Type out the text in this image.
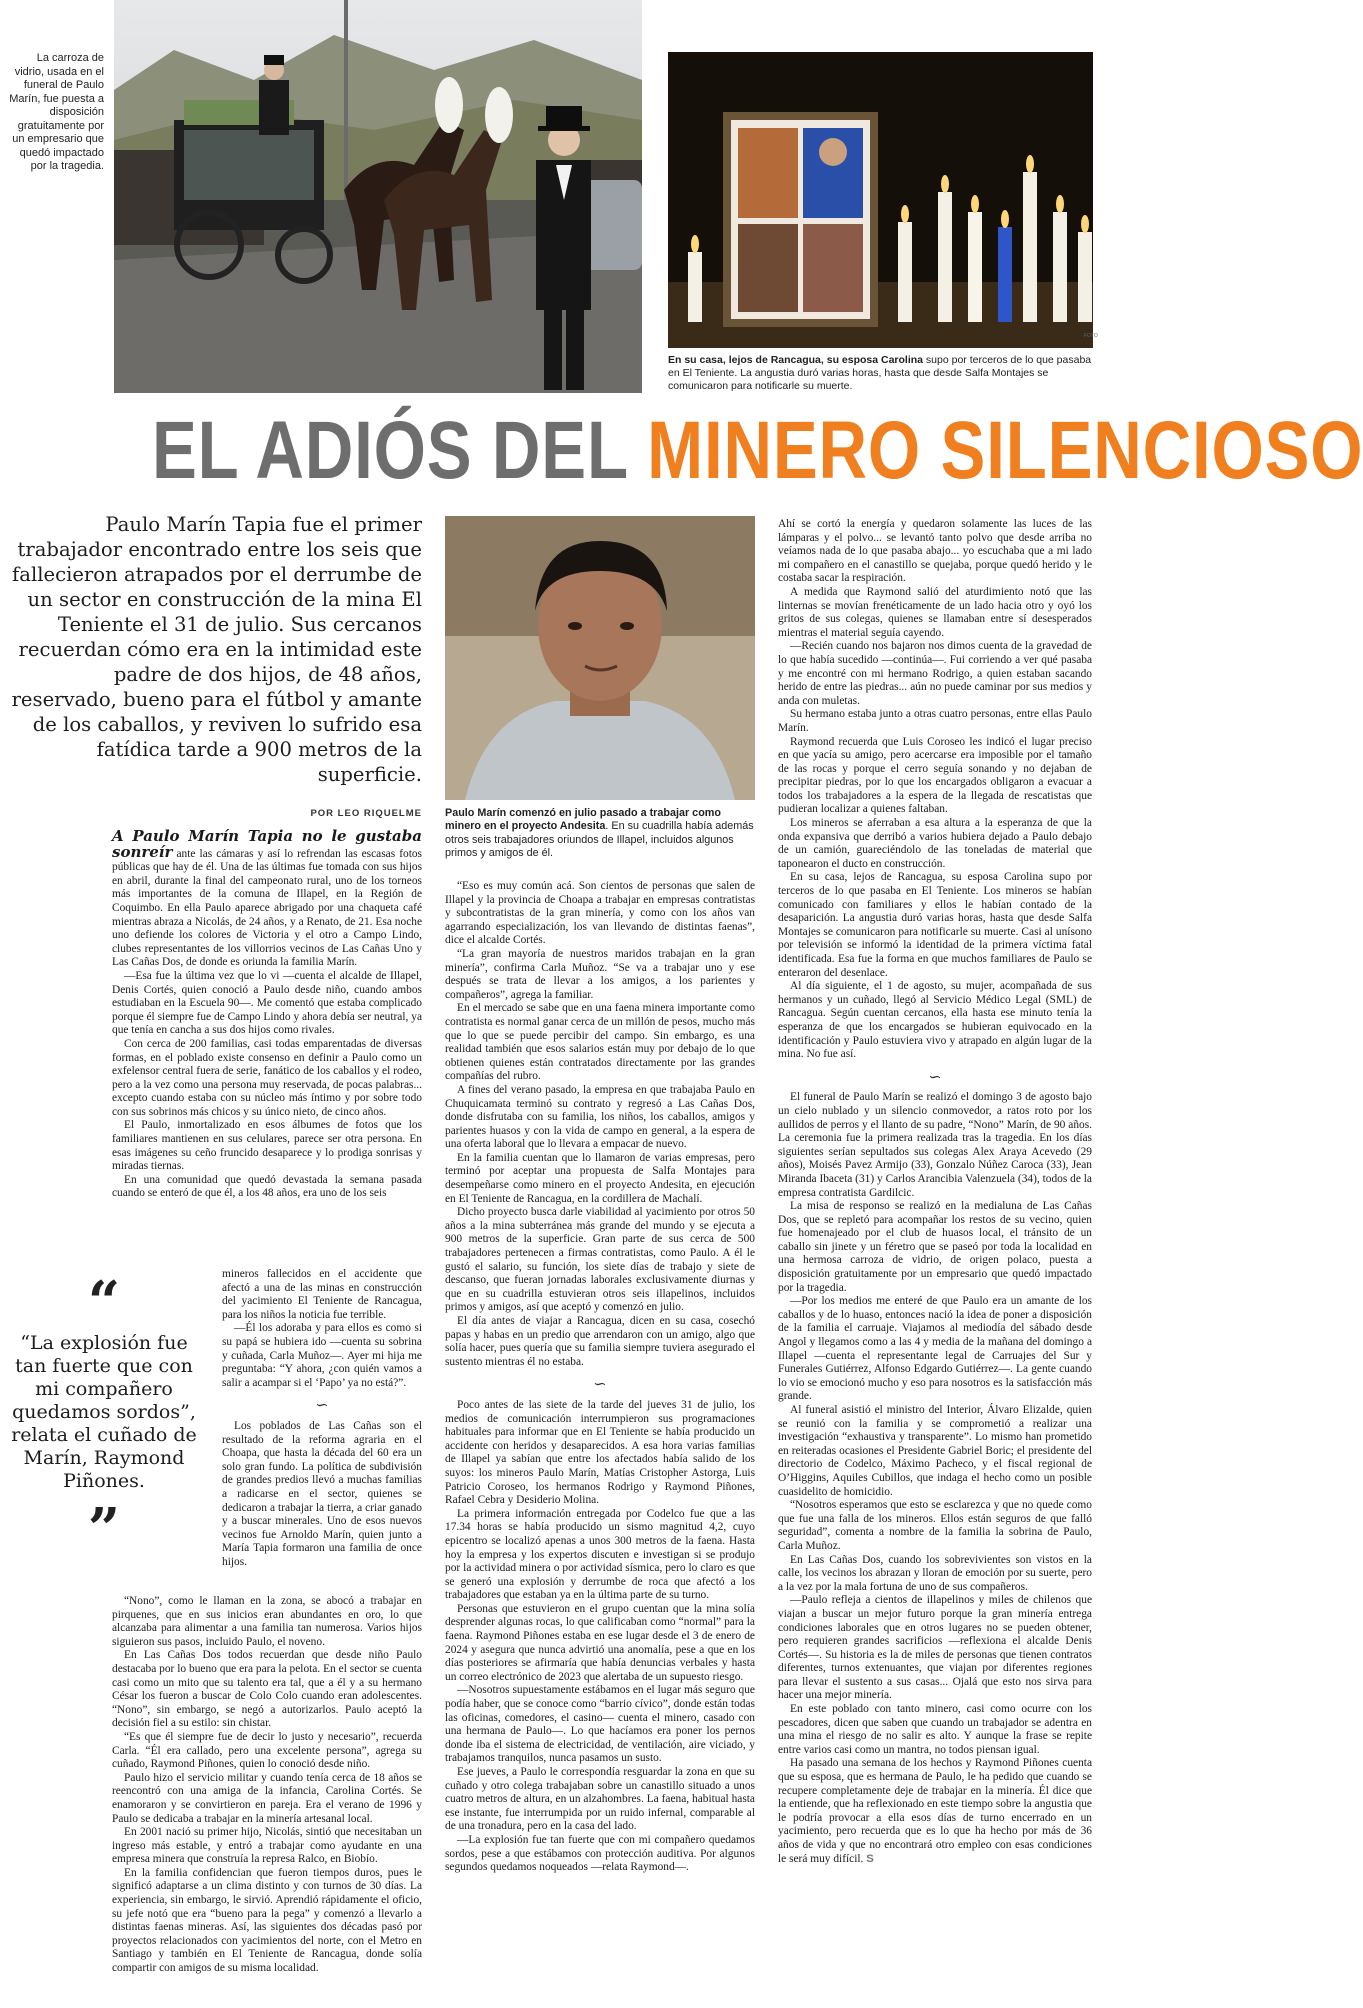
La carroza de vidrio, usada en el funeral de Paulo Marín, fue puesta a disposición gratuitamente por un empresario que quedó impactado por la tragedia.
FOTO
En su casa, lejos de Rancagua, su esposa Carolina supo por terceros de lo que pasaba en El Teniente. La angustia duró varias horas, hasta que desde Salfa Montajes se comunicaron para notificarle su muerte.
EL ADIÓS DEL MINERO SILENCIOSO
Paulo Marín Tapia fue el primer trabajador encontrado entre los seis que fallecieron atrapados por el derrumbe de un sector en construcción de la mina El Teniente el 31 de julio. Sus cercanos recuerdan cómo era en la intimidad este padre de dos hijos, de 48 años, reservado, bueno para el fútbol y amante de los caballos, y reviven lo sufrido esa fatídica tarde a 900 metros de la superficie.
POR LEO RIQUELME Paulo Marín comenzó en julio pasado a trabajar como minero en el proyecto Andesita. En su cuadrilla había además otros seis trabajadores oriundos de Illapel, incluidos algunos primos y amigos de él.

A Paulo Marín Tapia no le gustaba sonreír ante las cámaras y así lo refrendan las escasas fotos públicas que hay de él. Una de las últimas fue tomada con sus hijos en abril, durante la final del campeonato rural, uno de los torneos más importantes de la comuna de Illapel, en la Región de Coquimbo. En ella Paulo aparece abrigado por una chaqueta café mientras abraza a Nicolás, de 24 años, y a Renato, de 21. Esa noche uno defiende los colores de Victoria y el otro a Campo Lindo, clubes representantes de los villorrios vecinos de Las Cañas Uno y Las Cañas Dos, de donde es oriunda la familia Marín.

—Esa fue la última vez que lo vi —cuenta el alcalde de Illapel, Denis Cortés, quien conoció a Paulo desde niño, cuando ambos estudiaban en la Escuela 90—. Me comentó que estaba complicado porque él siempre fue de Campo Lindo y ahora debía ser neutral, ya que tenía en cancha a sus dos hijos como rivales.

Con cerca de 200 familias, casi todas emparentadas de diversas formas, en el poblado existe consenso en definir a Paulo como un exfelensor central fuera de serie, fanático de los caballos y el rodeo, pero a la vez como una persona muy reservada, de pocas palabras... excepto cuando estaba con su núcleo más íntimo y por sobre todo con sus sobrinos más chicos y su único nieto, de cinco años.

El Paulo, inmortalizado en esos álbumes de fotos que los familiares mantienen en sus celulares, parece ser otra persona. En esas imágenes su ceño fruncido desaparece y lo prodiga sonrisas y miradas tiernas.

En una comunidad que quedó devastada la semana pasada cuando se enteró de que él, a los 48 años, era uno de los seis

“
“La explosión fue tan fuerte que con mi compañero quedamos sordos”, relata el cuñado de Marín, Raymond Piñones.
”

mineros fallecidos en el accidente que afectó a una de las minas en construcción del yacimiento El Teniente de Rancagua, para los niños la noticia fue terrible.

—Él los adoraba y para ellos es como si su papá se hubiera ido —cuenta su sobrina y cuñada, Carla Muñoz—. Ayer mi hija me preguntaba: “Y ahora, ¿con quién vamos a salir a acampar si el ‘Papo’ ya no está?”.

∽

Los poblados de Las Cañas son el resultado de la reforma agraria en el Choapa, que hasta la década del 60 era un solo gran fundo. La política de subdivisión de grandes predios llevó a muchas familias a radicarse en el sector, quienes se dedicaron a trabajar la tierra, a criar ganado y a buscar minerales. Uno de esos nuevos vecinos fue Arnoldo Marín, quien junto a María Tapia formaron una familia de once hijos.

“Nono”, como le llaman en la zona, se abocó a trabajar en pirquenes, que en sus inicios eran abundantes en oro, lo que alcanzaba para alimentar a una familia tan numerosa. Varios hijos siguieron sus pasos, incluido Paulo, el noveno.

En Las Cañas Dos todos recuerdan que desde niño Paulo destacaba por lo bueno que era para la pelota. En el sector se cuenta casi como un mito que su talento era tal, que a él y a su hermano César los fueron a buscar de Colo Colo cuando eran adolescentes. “Nono”, sin embargo, se negó a autorizarlos. Paulo aceptó la decisión fiel a su estilo: sin chistar.

“Es que él siempre fue de decir lo justo y necesario”, recuerda Carla. “Él era callado, pero una excelente persona”, agrega su cuñado, Raymond Piñones, quien lo conoció desde niño.

Paulo hizo el servicio militar y cuando tenía cerca de 18 años se reencontró con una amiga de la infancia, Carolina Cortés. Se enamoraron y se convirtieron en pareja. Era el verano de 1996 y Paulo se dedicaba a trabajar en la minería artesanal local.

En 2001 nació su primer hijo, Nicolás, sintió que necesitaban un ingreso más estable, y entró a trabajar como ayudante en una empresa minera que construía la represa Ralco, en Biobío.

En la familia confidencian que fueron tiempos duros, pues le significó adaptarse a un clima distinto y con turnos de 30 días. La experiencia, sin embargo, le sirvió. Aprendió rápidamente el oficio, su jefe notó que era “bueno para la pega” y comenzó a llevarlo a distintas faenas mineras. Así, las siguientes dos décadas pasó por proyectos relacionados con yacimientos del norte, con el Metro en Santiago y también en El Teniente de Rancagua, donde solía compartir con amigos de su misma localidad.

“Eso es muy común acá. Son cientos de personas que salen de Illapel y la provincia de Choapa a trabajar en empresas contratistas y subcontratistas de la gran minería, y como con los años van agarrando especialización, los van llevando de distintas faenas”, dice el alcalde Cortés.

“La gran mayoría de nuestros maridos trabajan en la gran minería”, confirma Carla Muñoz. “Se va a trabajar uno y ese después se trata de llevar a los amigos, a los parientes y compañeros”, agrega la familiar.

En el mercado se sabe que en una faena minera importante como contratista es normal ganar cerca de un millón de pesos, mucho más que lo que se puede percibir del campo. Sin embargo, es una realidad también que esos salarios están muy por debajo de lo que obtienen quienes están contratados directamente por las grandes compañías del rubro.

A fines del verano pasado, la empresa en que trabajaba Paulo en Chuquicamata terminó su contrato y regresó a Las Cañas Dos, donde disfrutaba con su familia, los niños, los caballos, amigos y parientes huasos y con la vida de campo en general, a la espera de una oferta laboral que lo llevara a empacar de nuevo.

En la familia cuentan que lo llamaron de varias empresas, pero terminó por aceptar una propuesta de Salfa Montajes para desempeñarse como minero en el proyecto Andesita, en ejecución en El Teniente de Rancagua, en la cordillera de Machalí.

Dicho proyecto busca darle viabilidad al yacimiento por otros 50 años a la mina subterránea más grande del mundo y se ejecuta a 900 metros de la superficie. Gran parte de sus cerca de 500 trabajadores pertenecen a firmas contratistas, como Paulo. A él le gustó el salario, su función, los siete días de trabajo y siete de descanso, que fueran jornadas laborales exclusivamente diurnas y que en su cuadrilla estuvieran otros seis illapelinos, incluidos primos y amigos, así que aceptó y comenzó en julio.

El día antes de viajar a Rancagua, dicen en su casa, cosechó papas y habas en un predio que arrendaron con un amigo, algo que solía hacer, pues quería que su familia siempre tuviera asegurado el sustento mientras él no estaba.

∽

Poco antes de las siete de la tarde del jueves 31 de julio, los medios de comunicación interrumpieron sus programaciones habituales para informar que en El Teniente se había producido un accidente con heridos y desaparecidos. A esa hora varias familias de Illapel ya sabían que entre los afectados había salido de los suyos: los mineros Paulo Marín, Matías Cristopher Astorga, Luis Patricio Coroseo, los hermanos Rodrigo y Raymond Piñones, Rafael Cebra y Desiderio Molina.

La primera información entregada por Codelco fue que a las 17.34 horas se había producido un sismo magnitud 4,2, cuyo epicentro se localizó apenas a unos 300 metros de la faena. Hasta hoy la empresa y los expertos discuten e investigan si se produjo por la actividad minera o por actividad sísmica, pero lo claro es que se generó una explosión y derrumbe de roca que afectó a los trabajadores que estaban ya en la última parte de su turno.

Personas que estuvieron en el grupo cuentan que la mina solía desprender algunas rocas, lo que calificaban como “normal” para la faena. Raymond Piñones estaba en ese lugar desde el 3 de enero de 2024 y asegura que nunca advirtió una anomalía, pese a que en los días posteriores se afirmaría que había denuncias verbales y hasta un correo electrónico de 2023 que alertaba de un supuesto riesgo.

—Nosotros supuestamente estábamos en el lugar más seguro que podía haber, que se conoce como “barrio cívico”, donde están todas las oficinas, comedores, el casino— cuenta el minero, casado con una hermana de Paulo—. Lo que hacíamos era poner los pernos donde iba el sistema de electricidad, de ventilación, aire viciado, y trabajamos tranquilos, nunca pasamos un susto.

Ese jueves, a Paulo le correspondía resguardar la zona en que su cuñado y otro colega trabajaban sobre un canastillo situado a unos cuatro metros de altura, en un alzahombres. La faena, habitual hasta ese instante, fue interrumpida por un ruido infernal, comparable al de una tronadura, pero en la casa del lado.

—La explosión fue tan fuerte que con mi compañero quedamos sordos, pese a que estábamos con protección auditiva. Por algunos segundos quedamos noqueados —relata Raymond—.

Ahí se cortó la energía y quedaron solamente las luces de las lámparas y el polvo... se levantó tanto polvo que desde arriba no veíamos nada de lo que pasaba abajo... yo escuchaba que a mi lado mi compañero en el canastillo se quejaba, porque quedó herido y le costaba sacar la respiración.

A medida que Raymond salió del aturdimiento notó que las linternas se movían frenéticamente de un lado hacia otro y oyó los gritos de sus colegas, quienes se llamaban entre sí desesperados mientras el material seguía cayendo.

—Recién cuando nos bajaron nos dimos cuenta de la gravedad de lo que había sucedido —continúa—. Fui corriendo a ver qué pasaba y me encontré con mi hermano Rodrigo, a quien estaban sacando herido de entre las piedras... aún no puede caminar por sus medios y anda con muletas.

Su hermano estaba junto a otras cuatro personas, entre ellas Paulo Marín.

Raymond recuerda que Luis Coroseo les indicó el lugar preciso en que yacía su amigo, pero acercarse era imposible por el tamaño de las rocas y porque el cerro seguía sonando y no dejaban de precipitar piedras, por lo que los encargados obligaron a evacuar a todos los trabajadores a la espera de la llegada de rescatistas que pudieran localizar a quienes faltaban.

Los mineros se aferraban a esa altura a la esperanza de que la onda expansiva que derribó a varios hubiera dejado a Paulo debajo de un camión, guareciéndolo de las toneladas de material que taponearon el ducto en construcción.

En su casa, lejos de Rancagua, su esposa Carolina supo por terceros de lo que pasaba en El Teniente. Los mineros se habían comunicado con familiares y ellos le habían contado de la desaparición. La angustia duró varias horas, hasta que desde Salfa Montajes se comunicaron para notificarle su muerte. Casi al unísono por televisión se informó la identidad de la primera víctima fatal identificada. Esa fue la forma en que muchos familiares de Paulo se enteraron del desenlace.

Al día siguiente, el 1 de agosto, su mujer, acompañada de sus hermanos y un cuñado, llegó al Servicio Médico Legal (SML) de Rancagua. Según cuentan cercanos, ella hasta ese minuto tenía la esperanza de que los encargados se hubieran equivocado en la identificación y Paulo estuviera vivo y atrapado en algún lugar de la mina. No fue así.

∽

El funeral de Paulo Marín se realizó el domingo 3 de agosto bajo un cielo nublado y un silencio conmovedor, a ratos roto por los aullidos de perros y el llanto de su padre, “Nono” Marín, de 90 años. La ceremonia fue la primera realizada tras la tragedia. En los días siguientes serían sepultados sus colegas Alex Araya Acevedo (29 años), Moisés Pavez Armijo (33), Gonzalo Núñez Caroca (33), Jean Miranda Ibaceta (31) y Carlos Arancibia Valenzuela (34), todos de la empresa contratista Gardilcic.

La misa de responso se realizó en la medialuna de Las Cañas Dos, que se repletó para acompañar los restos de su vecino, quien fue homenajeado por el club de huasos local, el tránsito de un caballo sin jinete y un féretro que se paseó por toda la localidad en una hermosa carroza de vidrio, de origen polaco, puesta a disposición gratuitamente por un empresario que quedó impactado por la tragedia.

—Por los medios me enteré de que Paulo era un amante de los caballos y de lo huaso, entonces nació la idea de poner a disposición de la familia el carruaje. Viajamos al mediodía del sábado desde Angol y llegamos como a las 4 y media de la mañana del domingo a Illapel —cuenta el representante legal de Carruajes del Sur y Funerales Gutiérrez, Alfonso Edgardo Gutiérrez—. La gente cuando lo vio se emocionó mucho y eso para nosotros es la satisfacción más grande.

Al funeral asistió el ministro del Interior, Álvaro Elizalde, quien se reunió con la familia y se comprometió a realizar una investigación “exhaustiva y transparente”. Lo mismo han prometido en reiteradas ocasiones el Presidente Gabriel Boric; el presidente del directorio de Codelco, Máximo Pacheco, y el fiscal regional de O’Higgins, Aquiles Cubillos, que indaga el hecho como un posible cuasidelito de homicidio.

“Nosotros esperamos que esto se esclarezca y que no quede como que fue una falla de los mineros. Ellos están seguros de que falló seguridad”, comenta a nombre de la familia la sobrina de Paulo, Carla Muñoz.

En Las Cañas Dos, cuando los sobrevivientes son vistos en la calle, los vecinos los abrazan y lloran de emoción por su suerte, pero a la vez por la mala fortuna de uno de sus compañeros.

—Paulo refleja a cientos de illapelinos y miles de chilenos que viajan a buscar un mejor futuro porque la gran minería entrega condiciones laborales que en otros lugares no se pueden obtener, pero requieren grandes sacrificios —reflexiona el alcalde Denis Cortés—. Su historia es la de miles de personas que tienen contratos diferentes, turnos extenuantes, que viajan por diferentes regiones para llevar el sustento a sus casas... Ojalá que esto nos sirva para hacer una mejor minería.

En este poblado con tanto minero, casi como ocurre con los pescadores, dicen que saben que cuando un trabajador se adentra en una mina el riesgo de no salir es alto. Y aunque la frase se repite entre varios casi como un mantra, no todos piensan igual.

Ha pasado una semana de los hechos y Raymond Piñones cuenta que su esposa, que es hermana de Paulo, le ha pedido que cuando se recupere completamente deje de trabajar en la minería. Él dice que la entiende, que ha reflexionado en este tiempo sobre la angustia que le podría provocar a ella esos días de turno encerrado en un yacimiento, pero recuerda que es lo que ha hecho por más de 36 años de vida y que no encontrará otro empleo con esas condiciones le será muy difícil. S
